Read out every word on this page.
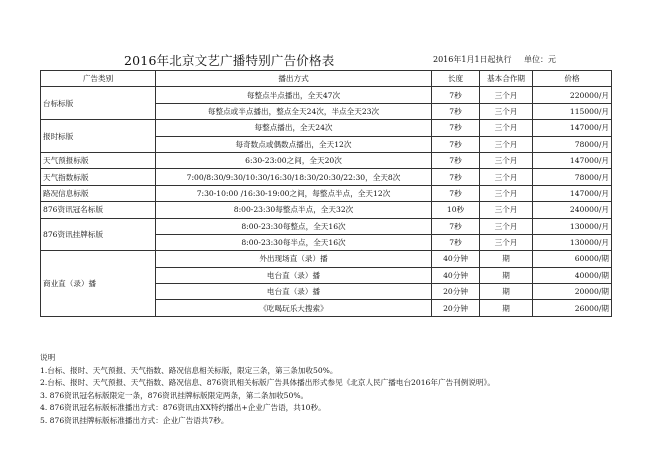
2016年北京文艺广播特别广告价格表	2016年1月1日起执行 单位：元
广告类别	播出方式	长度	基本合作期	价格
台标标版	每整点半点播出，全天47次	7秒	三个月	220000/月
	每整点或半点播出，整点全天24次，半点全天23次	7秒	三个月	115000/月
报时标版	每整点播出，全天24次	7秒	三个月	147000/月
	每奇数点或偶数点播出，全天12次	7秒	三个月	78000/月
天气预报标版	6:30-23:00之间，全天20次	7秒	三个月	147000/月
天气指数标版	7:00/8:30/9:30/10:30/16:30/18:30/20:30/22:30，全天8次	7秒	三个月	78000/月
路况信息标版	7:30-10:00 /16:30-19:00之间，每整点半点，全天12次	7秒	三个月	147000/月
876资讯冠名标版	8:00-23:30每整点半点，全天32次	10秒	三个月	240000/月
876资讯挂牌标版	8:00-23:30每整点，全天16次	7秒	三个月	130000/月
	8:00-23:30每半点，全天16次	7秒	三个月	130000/月
商业直（录）播	外出现场直（录）播	40分钟	期	60000/期
	电台直（录）播	40分钟	期	40000/期
	电台直（录）播	20分钟	期	20000/期
	《吃喝玩乐大搜索》	20分钟	期	26000/期
说明
1.台标、报时、天气预报、天气指数、路况信息相关标版，限定三条，第三条加收50%。
2.台标、报时、天气预报、天气指数、路况信息、876资讯相关标版广告具体播出形式参见《北京人民广播电台2016年广告刊例说明》。
3. 876资讯冠名标版限定一条，876资讯挂牌标版限定两条，第二条加收50%。
4. 876资讯冠名标版标准播出方式：876资讯由XX特约播出+企业广告语，共10秒。
5. 876资讯挂牌标版标准播出方式：企业广告语共7秒。
